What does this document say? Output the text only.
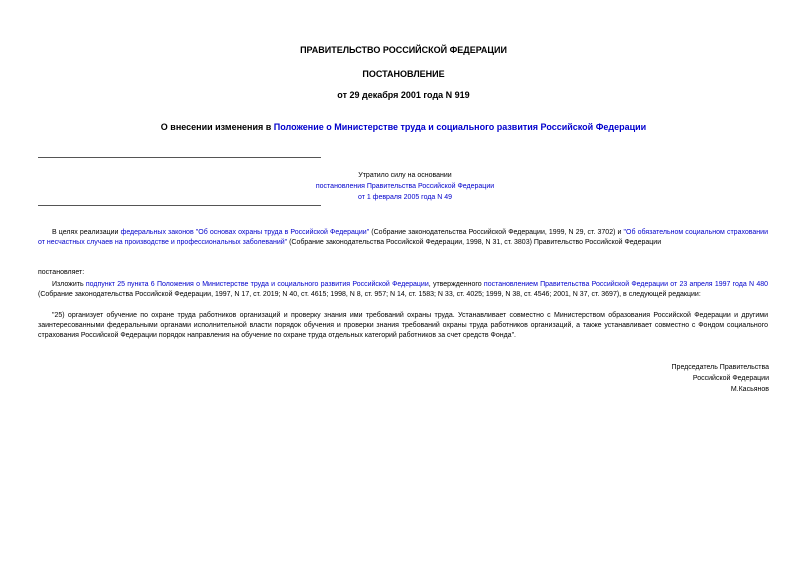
ПРАВИТЕЛЬСТВО РОССИЙСКОЙ ФЕДЕРАЦИИ
ПОСТАНОВЛЕНИЕ
от 29 декабря 2001 года N 919
О внесении изменения в Положение о Министерстве труда и социального развития Российской Федерации
Утратило силу на основании
постановления Правительства Российской Федерации
от 1 февраля 2005 года N 49
В целях реализации федеральных законов "Об основах охраны труда в Российской Федерации" (Собрание законодательства Российской Федерации, 1999, N 29, ст. 3702) и "Об обязательном социальном страховании от несчастных случаев на производстве и профессиональных заболеваний" (Собрание законодательства Российской Федерации, 1998, N 31, ст. 3803) Правительство Российской Федерации
постановляет:
Изложить подпункт 25 пункта 6 Положения о Министерстве труда и социального развития Российской Федерации, утвержденного постановлением Правительства Российской Федерации от 23 апреля 1997 года N 480 (Собрание законодательства Российской Федерации, 1997, N 17, ст. 2019; N 40, ст. 4615; 1998, N 8, ст. 957; N 14, ст. 1583; N 33, ст. 4025; 1999, N 38, ст. 4546; 2001, N 37, ст. 3697), в следующей редакции:
"25) организует обучение по охране труда работников организаций и проверку знания ими требований охраны труда. Устанавливает совместно с Министерством образования Российской Федерации и другими заинтересованными федеральными органами исполнительной власти порядок обучения и проверки знания требований охраны труда работников организаций, а также устанавливает совместно с Фондом социального страхования Российской Федерации порядок направления на обучение по охране труда отдельных категорий работников за счет средств Фонда".
Председатель Правительства
Российской Федерации
М.Касьянов
